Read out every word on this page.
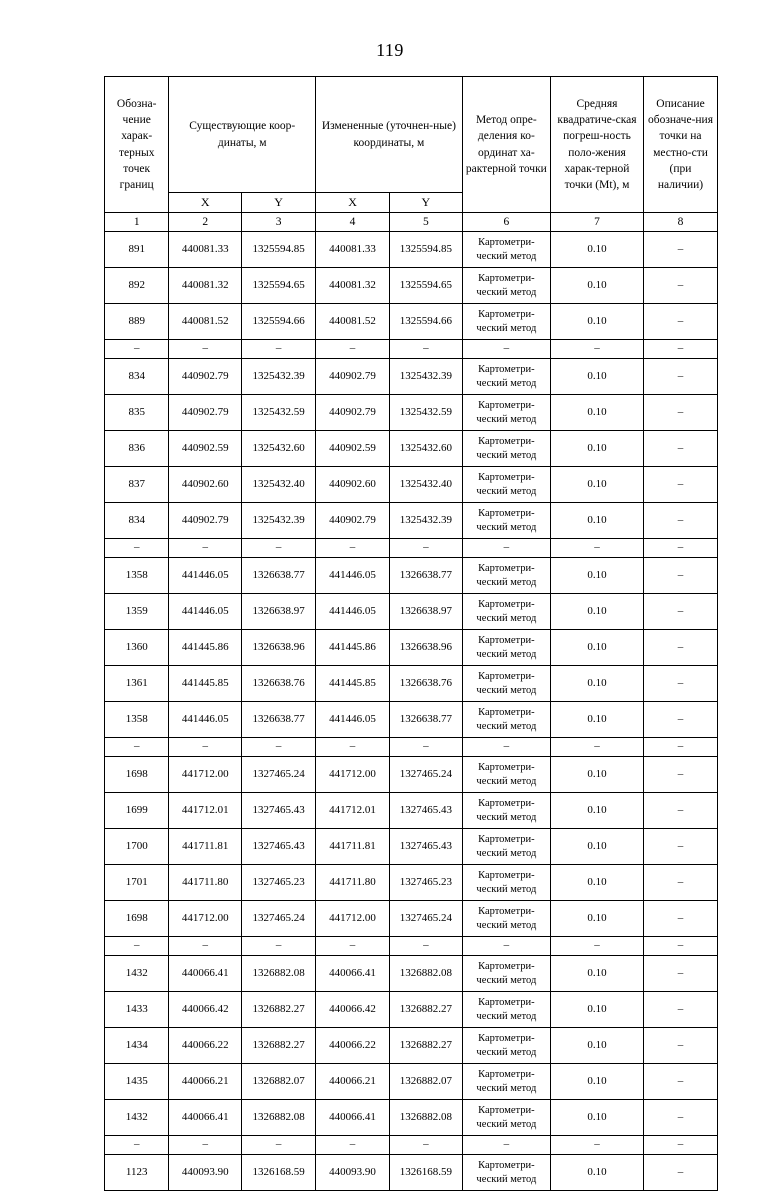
119
Обозна-чение харак-терных точек границ	Существующие коор-динаты, м		Измененные (уточнен-ные) координаты, м		Метод опре-деления ко-ординат ха-рактерной точки	Средняя квадратиче-ская погреш-ность поло-жения харак-терной точки (Mt), м	Описание обозначе-ния точки на местно-сти (при наличии)
	X	Y	X	Y			
1	2	3	4	5	6	7	8
891	440081.33	1325594.85	440081.33	1325594.85	Картометри-ческий метод	0.10	–
892	440081.32	1325594.65	440081.32	1325594.65	Картометри-ческий метод	0.10	–
889	440081.52	1325594.66	440081.52	1325594.66	Картометри-ческий метод	0.10	–
–	–	–	–	–	–	–	–
834	440902.79	1325432.39	440902.79	1325432.39	Картометри-ческий метод	0.10	–
835	440902.79	1325432.59	440902.79	1325432.59	Картометри-ческий метод	0.10	–
836	440902.59	1325432.60	440902.59	1325432.60	Картометри-ческий метод	0.10	–
837	440902.60	1325432.40	440902.60	1325432.40	Картометри-ческий метод	0.10	–
834	440902.79	1325432.39	440902.79	1325432.39	Картометри-ческий метод	0.10	–
–	–	–	–	–	–	–	–
1358	441446.05	1326638.77	441446.05	1326638.77	Картометри-ческий метод	0.10	–
1359	441446.05	1326638.97	441446.05	1326638.97	Картометри-ческий метод	0.10	–
1360	441445.86	1326638.96	441445.86	1326638.96	Картометри-ческий метод	0.10	–
1361	441445.85	1326638.76	441445.85	1326638.76	Картометри-ческий метод	0.10	–
1358	441446.05	1326638.77	441446.05	1326638.77	Картометри-ческий метод	0.10	–
–	–	–	–	–	–	–	–
1698	441712.00	1327465.24	441712.00	1327465.24	Картометри-ческий метод	0.10	–
1699	441712.01	1327465.43	441712.01	1327465.43	Картометри-ческий метод	0.10	–
1700	441711.81	1327465.43	441711.81	1327465.43	Картометри-ческий метод	0.10	–
1701	441711.80	1327465.23	441711.80	1327465.23	Картометри-ческий метод	0.10	–
1698	441712.00	1327465.24	441712.00	1327465.24	Картометри-ческий метод	0.10	–
–	–	–	–	–	–	–	–
1432	440066.41	1326882.08	440066.41	1326882.08	Картометри-ческий метод	0.10	–
1433	440066.42	1326882.27	440066.42	1326882.27	Картометри-ческий метод	0.10	–
1434	440066.22	1326882.27	440066.22	1326882.27	Картометри-ческий метод	0.10	–
1435	440066.21	1326882.07	440066.21	1326882.07	Картометри-ческий метод	0.10	–
1432	440066.41	1326882.08	440066.41	1326882.08	Картометри-ческий метод	0.10	–
–	–	–	–	–	–	–	–
1123	440093.90	1326168.59	440093.90	1326168.59	Картометри-ческий метод	0.10	–
